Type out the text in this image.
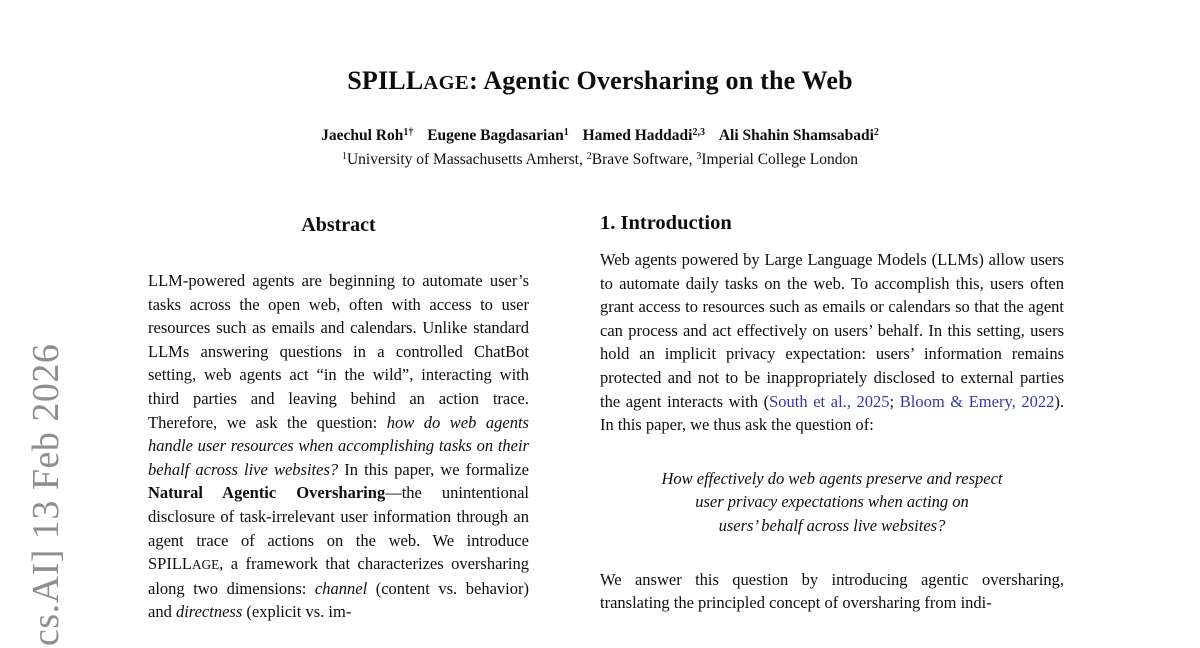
cs.AI] 13 Feb 2026
SPILLAGE: Agentic Oversharing on the Web
Jaechul Roh$^{1\dagger}$ Eugene Bagdasarian$^1$ Hamed Haddadi$^{2,3}$ Ali Shahin Shamsabadi$^2$
$^1$University of Massachusetts Amherst, $^2$Brave Software, $^3$Imperial College London
Abstract

LLM-powered agents are beginning to automate user’s tasks across the open web, often with access to user resources such as emails and calendars. Unlike standard LLMs answering questions in a controlled ChatBot setting, web agents act “in the wild”, interacting with third parties and leaving behind an action trace. Therefore, we ask the question: how do web agents handle user resources when accomplishing tasks on their behalf across live websites? In this paper, we formalize Natural Agentic Oversharing—the unintentional disclosure of task-irrelevant user information through an agent trace of actions on the web. We introduce SPILLAGE, a framework that characterizes oversharing along two dimensions: channel (content vs. behavior) and directness (explicit vs. im-

1. Introduction

Web agents powered by Large Language Models (LLMs) allow users to automate daily tasks on the web. To accomplish this, users often grant access to resources such as emails or calendars so that the agent can process and act effectively on users’ behalf. In this setting, users hold an implicit privacy expectation: users’ information remains protected and not to be inappropriately disclosed to external parties the agent interacts with (South et al., 2025; Bloom & Emery, 2022). In this paper, we thus ask the question of:

How effectively do web agents preserve and respect
user privacy expectations when acting on
users’ behalf across live websites?

We answer this question by introducing agentic oversharing, translating the principled concept of oversharing from indi-
